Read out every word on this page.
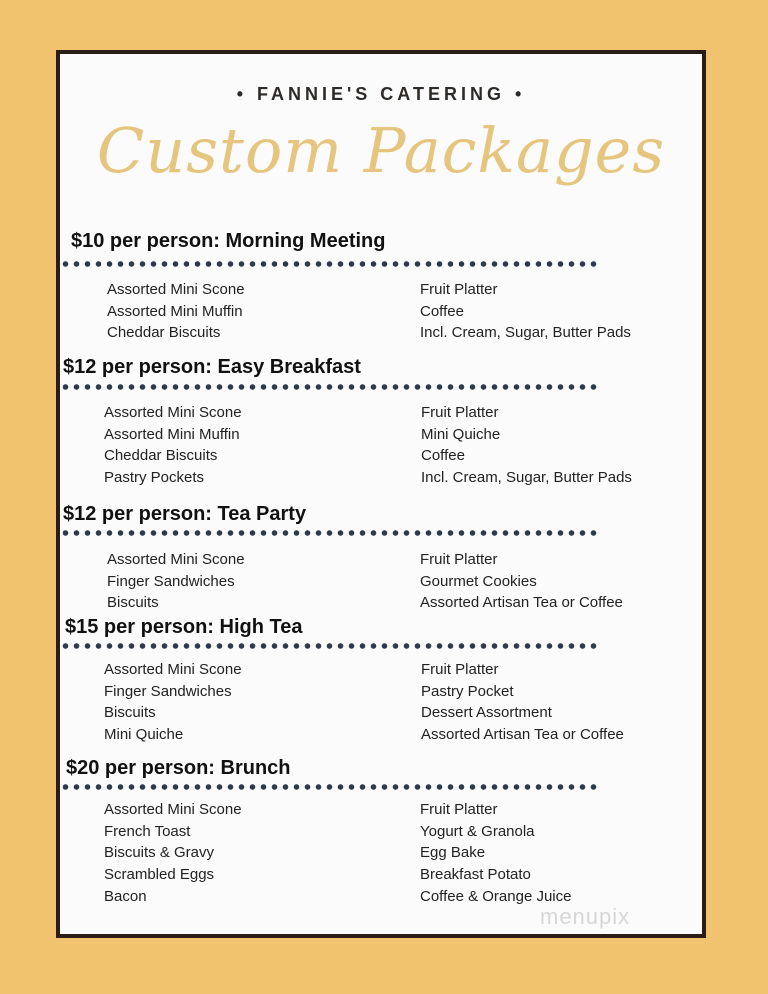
• FANNIE'S CATERING •
Custom Packages
$10 per person: Morning Meeting
Assorted Mini Scone
Assorted Mini Muffin
Cheddar Biscuits
Fruit Platter
Coffee
Incl. Cream, Sugar, Butter Pads
$12 per person: Easy Breakfast
Assorted Mini Scone
Assorted Mini Muffin
Cheddar Biscuits
Pastry Pockets
Fruit Platter
Mini Quiche
Coffee
Incl. Cream, Sugar, Butter Pads
$12 per person: Tea Party
Assorted Mini Scone
Finger Sandwiches
Biscuits
Fruit Platter
Gourmet Cookies
Assorted Artisan Tea or Coffee
$15 per person: High Tea
Assorted Mini Scone
Finger Sandwiches
Biscuits
Mini Quiche
Fruit Platter
Pastry Pocket
Dessert Assortment
Assorted Artisan Tea or Coffee
$20 per person: Brunch
Assorted Mini Scone
French Toast
Biscuits & Gravy
Scrambled Eggs
Bacon
Fruit Platter
Yogurt & Granola
Egg Bake
Breakfast Potato
Coffee & Orange Juice
menupix
